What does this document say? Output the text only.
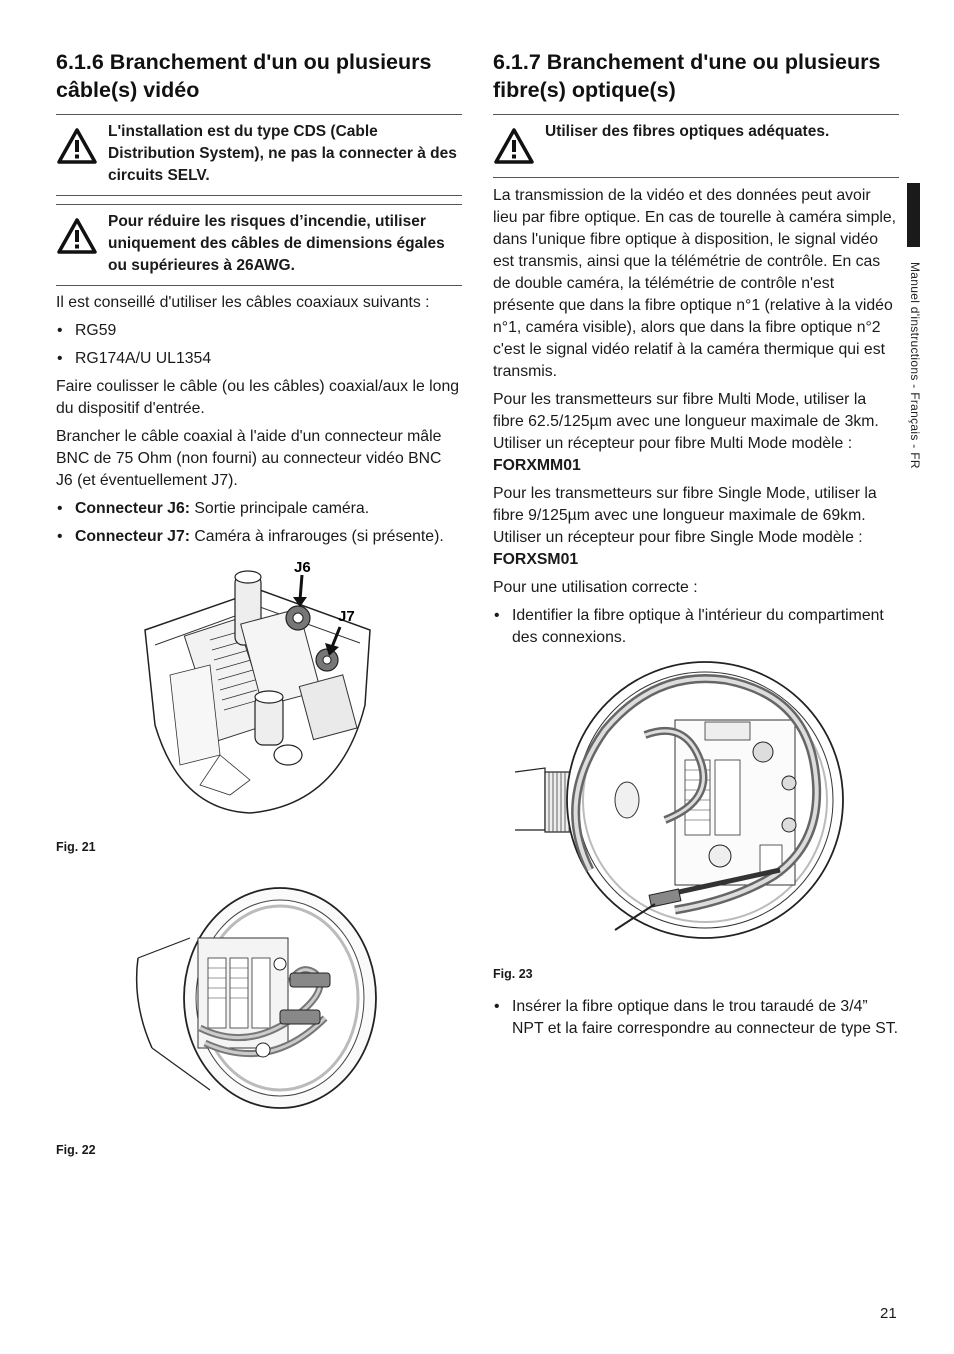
6.1.6 Branchement d'un ou plusieurs câble(s) vidéo
L'installation est du type CDS (Cable Distribution System), ne pas la connecter à des circuits SELV.
Pour réduire les risques d’incendie, utiliser uniquement des câbles de dimensions égales ou supérieures à 26AWG.

Il est conseillé d'utiliser les câbles coaxiaux suivants :

• RG59
• RG174A/U UL1354

Faire coulisser le câble (ou les câbles) coaxial/aux le long du dispositif d'entrée.

Brancher le câble coaxial à l'aide d'un connecteur mâle BNC de 75 Ohm (non fourni) au connecteur vidéo BNC J6 (et éventuellement J7).

• Connecteur J6: Sortie principale caméra.
• Connecteur J7: Caméra à infrarouges (si présente).
J6
J7
Fig. 21
Fig. 22
6.1.7 Branchement d'une ou plusieurs fibre(s) optique(s)
Utiliser des fibres optiques adéquates.

La transmission de la vidéo et des données peut avoir lieu par fibre optique. En cas de tourelle à caméra simple, dans l'unique fibre optique à disposition, le signal vidéo est transmis, ainsi que la télémétrie de contrôle. En cas de double caméra, la télémétrie de contrôle n'est présente que dans la fibre optique n°1 (relative à la vidéo n°1, caméra visible), alors que dans la fibre optique n°2 c'est le signal vidéo relatif à la caméra thermique qui est transmis.

Pour les transmetteurs sur fibre Multi Mode, utiliser la fibre 62.5/125µm avec une longueur maximale de 3km. Utiliser un récepteur pour fibre Multi Mode modèle : FORXMM01

Pour les transmetteurs sur fibre Single Mode, utiliser la fibre 9/125µm avec une longueur maximale de 69km. Utiliser un récepteur pour fibre Single Mode modèle : FORXSM01

Pour une utilisation correcte :

• Identifier la fibre optique à l'intérieur du compartiment des connexions.
Fig. 23
• Insérer la fibre optique dans le trou taraudé de 3/4” NPT et la faire correspondre au connecteur de type ST.
Manuel d'instructions - Français - FR
21
